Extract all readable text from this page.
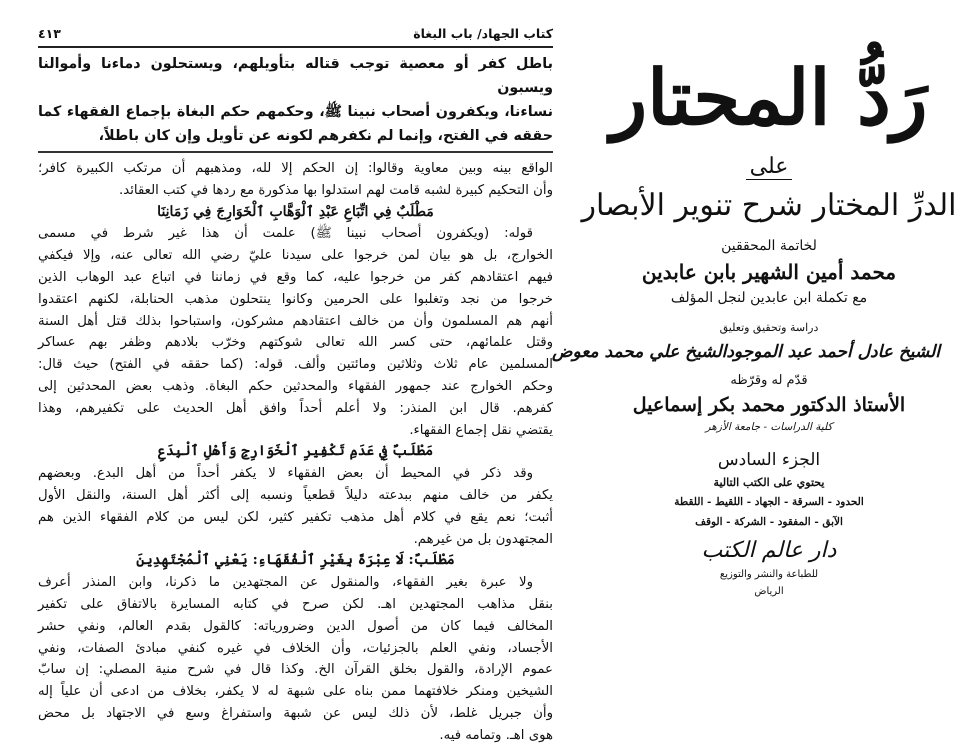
كتاب الجهاد/ باب البغاة
٤١٣

باطل كفر أو معصية توجب قتاله بتأويلهم، ويستحلون دماءنا وأموالنا ويسبون

نساءنا، ويكفرون أصحاب نبينا ﷺ، وحكمهم حكم البغاة بإجماع الفقهاء كما

حققه في الفتح، وإنما لم نكفرهم لكونه عن تأويل وإن كان باطلاً،

الواقع بينه وبين معاوية وقالوا: إن الحكم إلا لله، ومذهبهم أن مرتكب الكبيرة كافر؛

وأن التحكيم كبيرة لشبه قامت لهم استدلوا بها مذكورة مع ردها في كتب العقائد.

مَطْلَبٌ فِي اتِّبَاعِ عَبْدِ ٱلْوَهَّابِ ٱلْخَوَارِجَ فِي زَمَانِنَا

قوله: (ويكفرون أصحاب نبينا ﷺ) علمت أن هذا غير شرط في مسمى

الخوارج، بل هو بيان لمن خرجوا على سيدنا عليّ رضي الله تعالى عنه، وإلا فيكفي

فيهم اعتقادهم كفر من خرجوا عليه، كما وقع في زماننا في اتباع عبد الوهاب الذين

خرجوا من نجد وتغلبوا على الحرمين وكانوا ينتحلون مذهب الحنابلة، لكنهم اعتقدوا

أنهم هم المسلمون وأن من خالف اعتقادهم مشركون، واستباحوا بذلك قتل أهل السنة

وقتل علمائهم، حتى كسر الله تعالى شوكتهم وخرّب بلادهم وظفر بهم عساكر

المسلمين عام ثلاث وثلاثين ومائتين وألف. قوله: (كما حققه في الفتح) حيث قال:

وحكم الخوارج عند جمهور الفقهاء والمحدثين حكم البغاة. وذهب بعض المحدثين إلى

كفرهم. قال ابن المنذر: ولا أعلم أحداً وافق أهل الحديث على تكفيرهم، وهذا

يقتضي نقل إجماع الفقهاء.

مَطْلَبٌ فِي عَدَمِ تَكْفِيرِ ٱلْخَوَارِجِ وَأَهْلِ ٱلْبِدَعِ

وقد ذكر في المحيط أن بعض الفقهاء لا يكفر أحداً من أهل البدع. وبعضهم

يكفر من خالف منهم ببدعته دليلاً قطعياً ونسبه إلى أكثر أهل السنة، والنقل الأول

أثبت؛ نعم يقع في كلام أهل مذهب تكفير كثير، لكن ليس من كلام الفقهاء الذين هم

المجتهدون بل من غيرهم.

مَطْلَبٌ: لَا عِبْرَةَ بِغَيْرِ ٱلْفُقَهَاءِ: يَعْنِي ٱلْمُجْتَهِدِينَ

ولا عبرة بغير الفقهاء، والمنقول عن المجتهدين ما ذكرنا، وابن المنذر أعرف

بنقل مذاهب المجتهدين اهـ. لكن صرح في كتابه المسايرة بالاتفاق على تكفير

المخالف فيما كان من أصول الدين وضرورياته: كالقول بقدم العالم، ونفي حشر

الأجساد، ونفي العلم بالجزئيات، وأن الخلاف في غيره كنفي مبادئ الصفات، ونفي

عموم الإرادة، والقول بخلق القرآن الخ. وكذا قال في شرح منية المصلي: إن سابّ

الشيخين ومنكر خلافتهما ممن بناه على شبهة له لا يكفر، بخلاف من ادعى أن علياً إله

وأن جبريل غلط، لأن ذلك ليس عن شبهة واستفراغ وسع في الاجتهاد بل محض

هوى اهـ. وتمامه فيه.

رَدُّ المحتار
على
الدرِّ المختار شرح تنوير الأبصار
لخاتمة المحققين
محمد أمين الشهير بابن عابدين
مع تكملة ابن عابدين لنجل المؤلف
دراسة وتحقيق وتعليق
الشيخ عادل أحمد عبد الموجود
الشيخ علي محمد معوض
قدّم له وقرّظه
الأستاذ الدكتور محمد بكر إسماعيل
كلية الدراسات - جامعة الأزهر
الجزء السادس
يحتوي على الكتب التالية
الحدود - السرقة - الجهاد - اللقيط - اللقطة
الآبق - المفقود - الشركة - الوقف
دار عالم الكتب
للطباعة والنشر والتوزيع
الرياض
